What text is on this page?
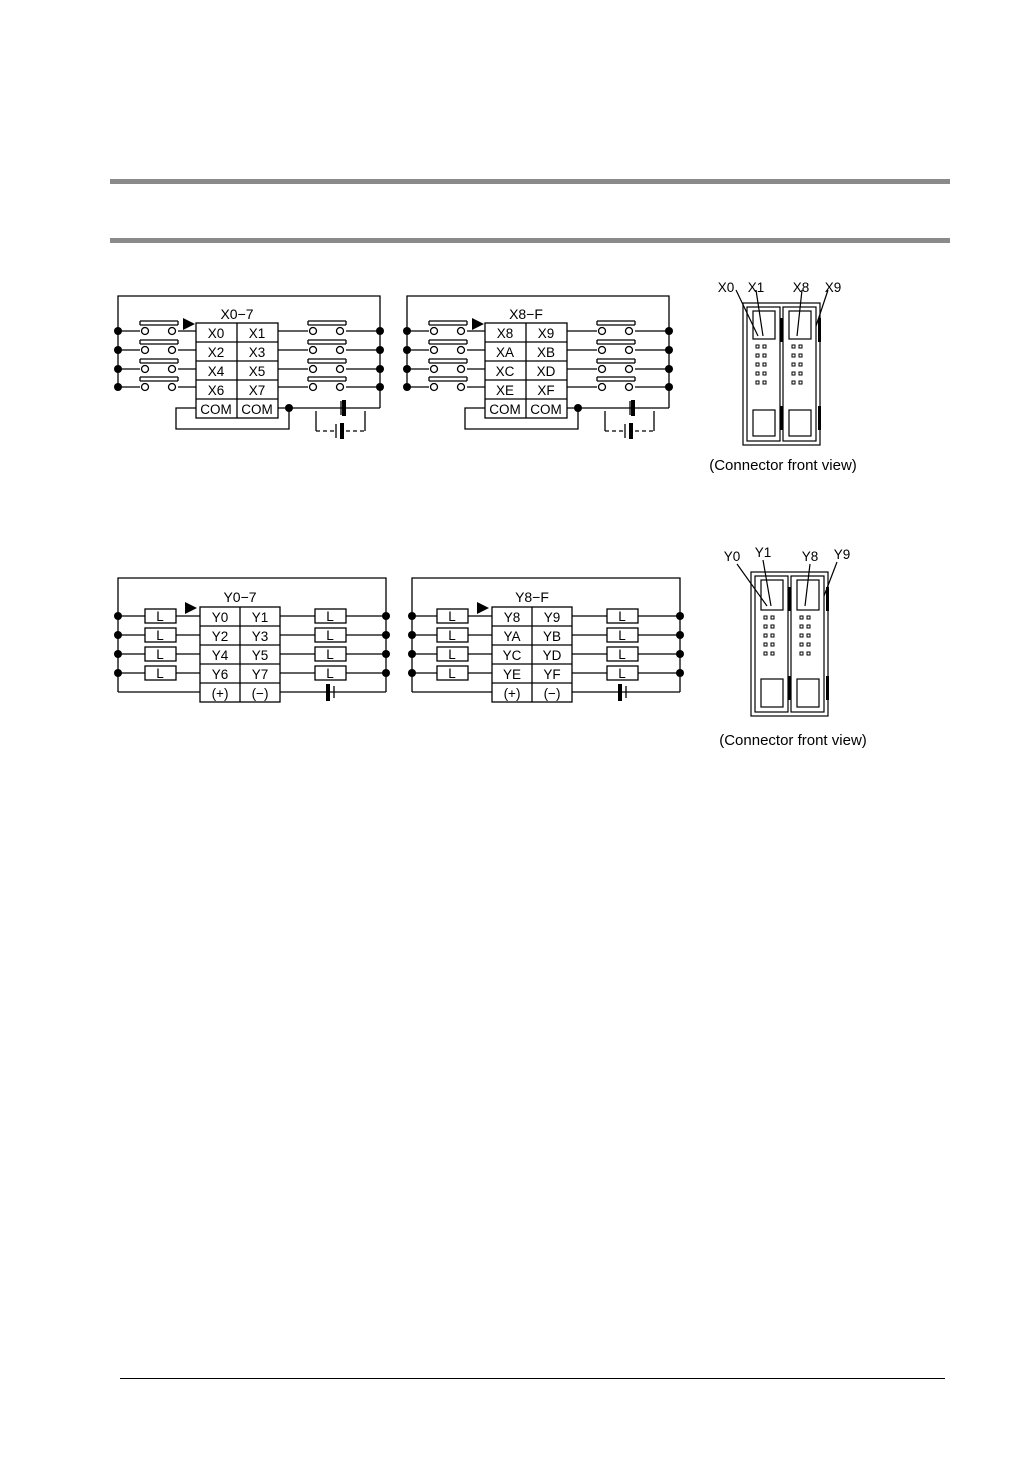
X0−7
X0 X1
X2 X3
X4 X5
X6 X7
COM COM
X8−F
X8 X9
XA XB
XC XD
XE XF
COM COM
X0 X1 X8 X9
(Connector front view)
L
L
L
L
L
L
L
L
Y0−7
Y0 Y1
Y2 Y3
Y4 Y5
Y6 Y7
(+) (−)
L
L
L
L
L
L
L
L
Y8−F
Y8 Y9
YA YB
YC YD
YE YF
(+) (−)
Y0 Y1 Y8 Y9
(Connector front view)
